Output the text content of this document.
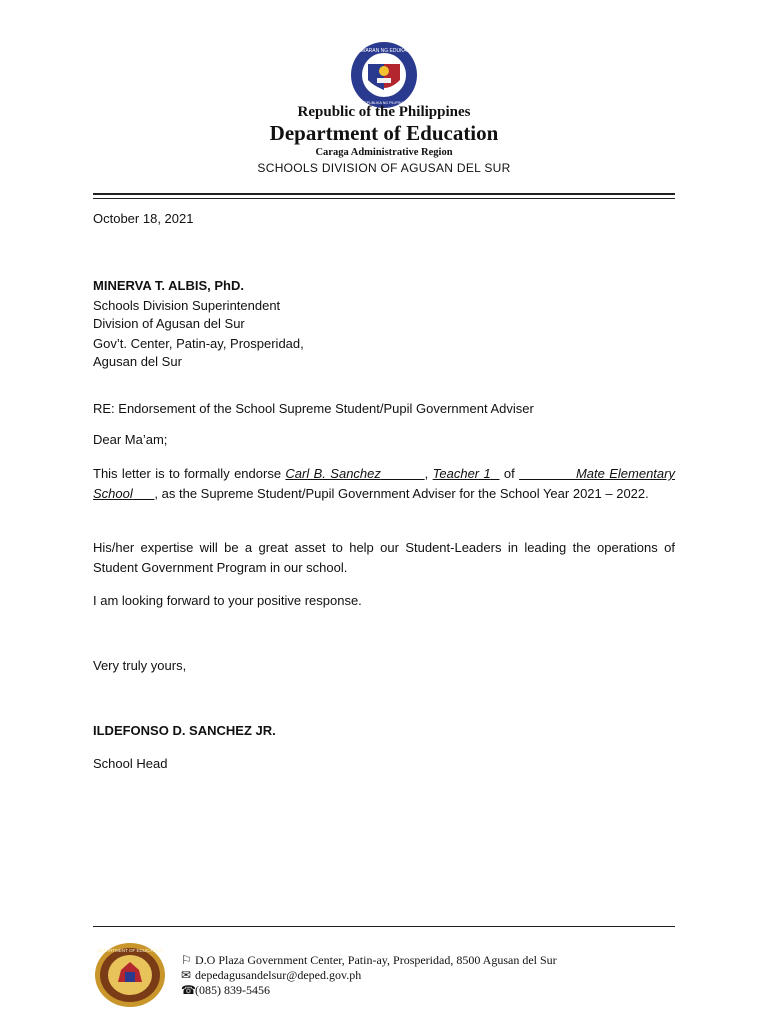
KAGAWARAN NG EDUKASYON
REPUBLIKA NG PILIPINAS
Republic of the Philippines
Department of Education
Caraga Administrative Region
SCHOOLS DIVISION OF AGUSAN DEL SUR
October 18, 2021
MINERVA T. ALBIS, PhD.
Schools Division Superintendent
Division of Agusan del Sur
Gov’t. Center, Patin-ay, Prosperidad,
Agusan del Sur
RE: Endorsement of the School Supreme Student/Pupil Government Adviser
Dear Ma’am;
This letter is to formally endorse Carl B. Sanchez	, Teacher 1   of	Mate Elementary School , as the Supreme Student/Pupil Government Adviser for the School Year 2021 – 2022.
His/her expertise will be a great asset to help our Student-Leaders in leading the operations of Student Government Program in our school.
I am looking forward to your positive response.
Very truly yours,
ILDEFONSO D. SANCHEZ JR.
School Head
DEPARTMENT OF EDUCATION
⚐ D.O Plaza Government Center, Patin-ay, Prosperidad, 8500 Agusan del Sur
✉ depedagusandelsur@deped.gov.ph
☎(085) 839-5456
